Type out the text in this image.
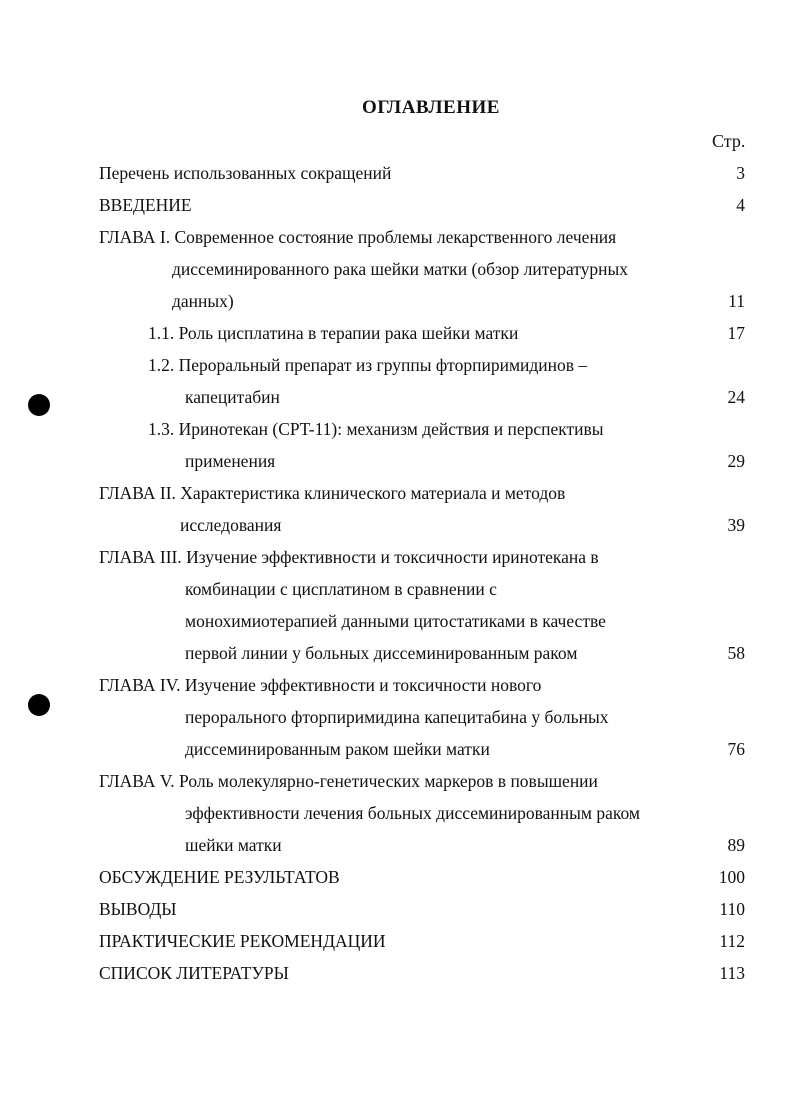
ОГЛАВЛЕНИЕ
Стр.
Перечень использованных сокращений	3
ВВЕДЕНИЕ	4
ГЛАВА I. Современное состояние проблемы лекарственного лечения
диссеминированного рака шейки матки (обзор литературных
данных)	11
1.1. Роль цисплатина в терапии рака шейки матки	17
1.2. Пероральный препарат из группы фторпиримидинов –
капецитабин	24
1.3. Иринотекан (CPT-11): механизм действия и перспективы
применения	29
ГЛАВА II. Характеристика клинического материала и методов
исследования	39
ГЛАВА III. Изучение эффективности и токсичности иринотекана в
комбинации с цисплатином в сравнении с
монохимиотерапией данными цитостатиками в качестве
первой линии у больных диссеминированным раком	58
ГЛАВА IV. Изучение эффективности и токсичности нового
перорального фторпиримидина капецитабина у больных
диссеминированным раком шейки матки	76
ГЛАВА V. Роль молекулярно-генетических маркеров в повышении
эффективности лечения больных диссеминированным раком
шейки матки	89
ОБСУЖДЕНИЕ РЕЗУЛЬТАТОВ	100
ВЫВОДЫ	110
ПРАКТИЧЕСКИЕ РЕКОМЕНДАЦИИ	112
СПИСОК ЛИТЕРАТУРЫ	113
